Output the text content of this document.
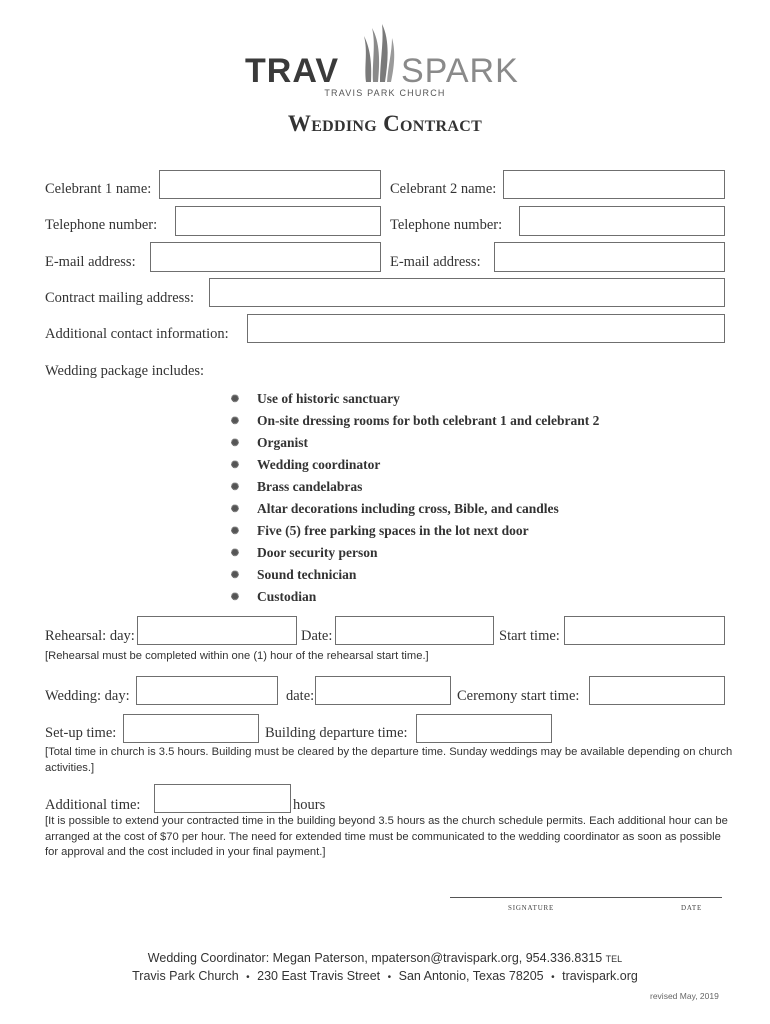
TRAV SPARK
TRAVIS PARK CHURCH
Wedding Contract
Celebrant 1 name:	Celebrant 2 name:
Telephone number:	Telephone number:
E-mail address:	E-mail address:
Contract mailing address:
Additional contact information:
Wedding package includes:
✺ Use of historic sanctuary
✺ On-site dressing rooms for both celebrant 1 and celebrant 2
✺ Organist
✺ Wedding coordinator
✺ Brass candelabras
✺ Altar decorations including cross, Bible, and candles
✺ Five (5) free parking spaces in the lot next door
✺ Door security person
✺ Sound technician
✺ Custodian
Rehearsal: day:	Date:	Start time:
[Rehearsal must be completed within one (1) hour of the rehearsal start time.]
Wedding: day:	date:	Ceremony start time:
Set-up time:	Building departure time:
[Total time in church is 3.5 hours. Building must be cleared by the departure time. Sunday weddings may be available depending on church activities.]
Additional time:	hours
[It is possible to extend your contracted time in the building beyond 3.5 hours as the church schedule permits. Each additional hour can be arranged at the cost of $70 per hour. The need for extended time must be communicated to the wedding coordinator as soon as possible for approval and the cost included in your final payment.]
signature	date
Wedding Coordinator: Megan Paterson, mpaterson@travispark.org, 954.336.8315 TEL
Travis Park Church • 230 East Travis Street • San Antonio, Texas 78205 • travispark.org
revised May, 2019
